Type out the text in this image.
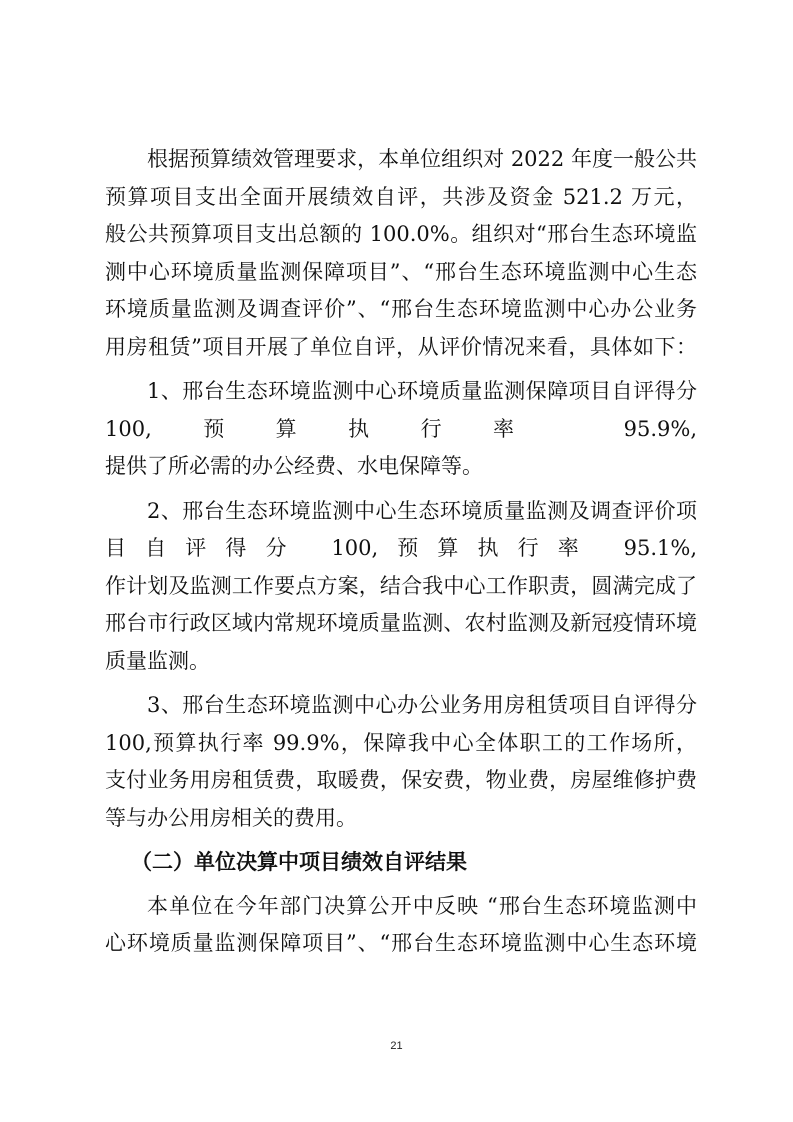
根据预算绩效管理要求，本单位组织对 2022 年度一般公共
预算项目支出全面开展绩效自评，共涉及资金 521.2 万元，
般公共预算项目支出总额的 100.0%。组织对“邢台生态环境监
测中心环境质量监测保障项目”、“邢台生态环境监测中心生态
环境质量监测及调查评价”、“邢台生态环境监测中心办公业务
用房租赁”项目开展了单位自评，从评价情况来看，具体如下：
1、邢台生态环境监测中心环境质量监测保障项目自评得分
100,预算执行率 95.9%,
提供了所必需的办公经费、水电保障等。
2、邢台生态环境监测中心生态环境质量监测及调查评价项
目自评得分 100,预算执行率 95.1%,
作计划及监测工作要点方案，结合我中心工作职责，圆满完成了
邢台市行政区域内常规环境质量监测、农村监测及新冠疫情环境
质量监测。
3、邢台生态环境监测中心办公业务用房租赁项目自评得分
100,预算执行率 99.9%，保障我中心全体职工的工作场所，
支付业务用房租赁费，取暖费，保安费，物业费，房屋维修护费
等与办公用房相关的费用。
（二）单位决算中项目绩效自评结果
本单位在今年部门决算公开中反映 “邢台生态环境监测中
心环境质量监测保障项目”、“邢台生态环境监测中心生态环境
21
